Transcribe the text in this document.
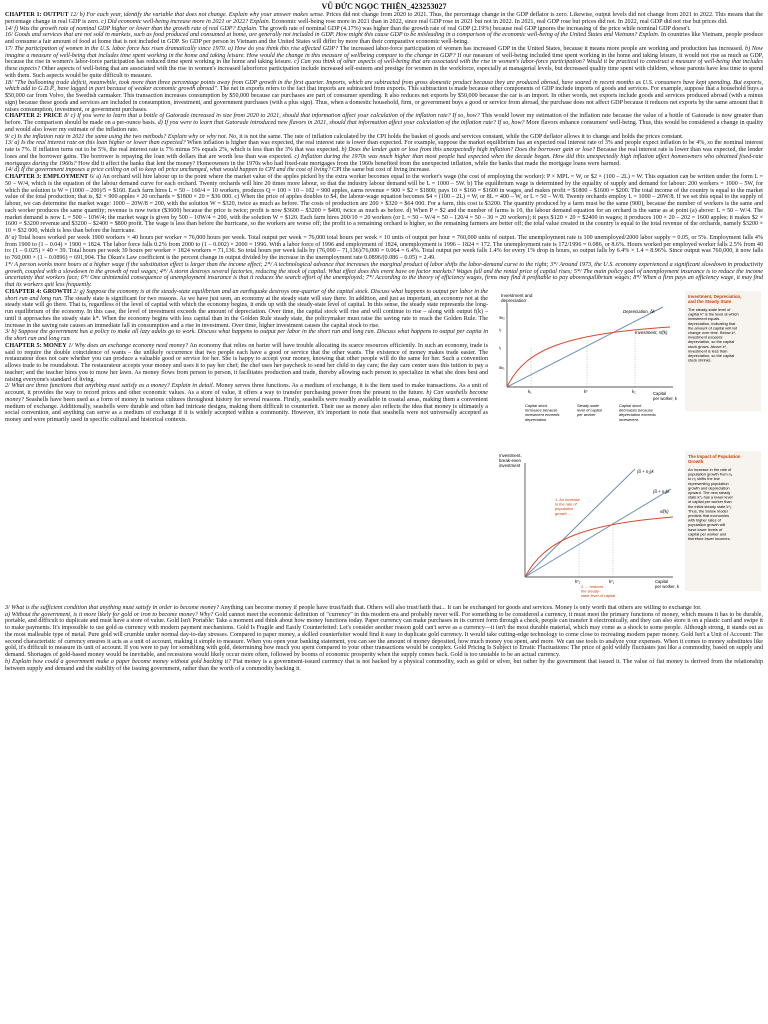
VŨ ĐỨC NGỌC THIỆN_423253027

CHAPTER 1: OUTPUT 12/ b) For each year, identify the variable that does not change. Explain why your answer makes sense. Prices did not change from 2020 to 2021. Thus, the percentage change in the GDP deflator is zero. Likewise, output levels did not change from 2021 to 2022. This means that the percentage change in real GDP is zero. c) Did economic well-being increase more in 2021 or 2022? Explain. Economic well-being rose more in 2021 than in 2022, since real GDP rose in 2021 but not in 2022. In 2021, real GDP rose but prices did not. In 2022, real GDP did not rise but prices did.

14/ f) Was the growth rate of nominal GDP higher or lower than the growth rate of real GDP? Explain. The growth rate of nominal GDP (4.17%) was higher than the growth rate of real GDP (2.19%) because real GDP ignores the increasing of the price while nominal GDP doesn't.

16/ Goods and services that are not sold in markets, such as food produced and consumed at home, are generally not included in GDP. How might this cause GDP to be misleading in a comparison of the economic well-being of the United States and Vietnam? Explain. In countries like Vietnam, people produce and consume a fair amount of food at home that is not included in GDP. So GDP per person in Vietnam and the United States will differ by more than their comparative economic well-being.

17/ The participation of women in the U.S. labor force has risen dramatically since 1970. a) How do you think this rise affected GDP? The increased labor-force participation of women has increased GDP in the United States, because it means more people are working and production has increased. b) Now imagine a measure of well-being that includes time spent working in the home and taking leisure. How would the change in this measure of wellbeing compare to the change in GDP? If our measure of well-being included time spent working in the home and taking leisure, it would not rise as much as GDP, because the rise in women's labor-force participation has reduced time spent working in the home and taking leisure. c) Can you think of other aspects of well-being that are associated with the rise in women's labor-force participation? Would it be practical to construct a measure of well-being that includes these aspects? Other aspects of well-being that are associated with the rise in women's increased laborforce participation include increased self-esteem and prestige for women in the workforce, especially at managerial levels, but decreased quality time spent with children, whose parents have less time to spend with them. Such aspects would be quite difficult to measure.

18/ "The ballooning trade deficit, meanwhile, took more than three percentage points away from GDP growth in the first quarter. Imports, which are subtracted from gross domestic product because they are produced abroad, have soared in recent months as U.S. consumers have kept spending. But exports, which add to G.D.P., have lagged in part because of weaker economic growth abroad". The net in exports refers to the fact that imports are subtracted from exports. This subtraction is made because other components of GDP include imports of goods and services. For example, suppose that a household buys a $50,000 car from Volvo, the Swedish carmaker. This transaction increases consumption by $50,000 because car purchases are part of consumer spending. It also reduces net exports by $50,000 because the car is an import. In other words, net exports include goods and services produced abroad (with a minus sign) because these goods and services are included in consumption, investment, and government purchases (with a plus sign). Thus, when a domestic household, firm, or government buys a good or service from abroad, the purchase does not affect GDP because it reduces net exports by the same amount that it raises consumption, investment, or government purchases.

CHAPTER 2: PRICE 8/ c) If you were to learn that a bottle of Gatorade increased in size from 2020 to 2021, should that information affect your calculation of the inflation rate? If so, how? This would lower my estimation of the inflation rate because the value of a bottle of Gatorade is now greater than before. The comparison should be made on a per-ounce basis. d) If you were to learn that Gatorade introduced new flavors in 2021, should that information affect your calculation of the inflation rate? If so, how? More flavors enhance consumers' well-being. Thus, this would be considered a change in quality and would also lower my estimate of the inflation rate.

9/ c) Is the inflation rate in 2021 the same using the two methods? Explain why or why not. No, it is not the same. The rate of inflation calculated by the CPI holds the basket of goods and services constant, while the GDP deflator allows it to change and holds the prices constant.

13/ a) Is the real interest rate on this loan higher or lower than expected? When inflation is higher than was expected, the real interest rate is lower than expected. For example, suppose the market equilibrium has an expected real interest rate of 3% and people expect inflation to be 4%, so the nominal interest rate is 7%. If inflation turns out to be 5%, the real interest rate is 7% minus 5% equals 2%, which is less than the 3% that was expected. b) Does the lender gain or lose from this unexpectedly high inflation? Does the borrower gain or lose? Because the real interest rate is lower than was expected, the lender loses and the borrower gains. The borrower is repaying the loan with dollars that are worth less than was expected. c) Inflation during the 1970s was much higher than most people had expected when the decade began. How did this unexpectedly high inflation affect homeowners who obtained fixed-rate mortgages during the 1960s? How did it affect the banks that lent the money? Homeowners in the 1970s who had fixed-rate mortgages from the 1960s benefited from the unexpected inflation, while the banks that made the mortgage loans were harmed.

14/ d) If the government imposes a price ceiling on oil to keep oil price unchanged, what would happen to CPI and the cost of living? CPI the same but cost of living increase.

CHAPTER 3: EMPLOYMENT 6/ a) An orchard will hire labour up to the point where the market value of the apples picked by the extra worker becomes equal to the worker's wage (the cost of employing the worker): P × MPL = W, or $2 × (100 – 2L) = W. This equation can be written under the form L = 50 – W/4, which is the equation of the labour demand curve for each orchard. Twenty orchards will hire 20 times more labour, so that the industry labour demand will be L = 1000 – 5W. b) The equilibrium wage is determined by the equality of supply and demand for labour: 200 workers = 1000 – 5W, for which the solution is W = (1000 – 200)/5 = $160. Each farm hires L = 50 – 160/4 = 10 workers, produces Q = 100 × 10 – 102 = 900 apples, earns revenue = 900 × $2 = $1800; pays 10 × $160 = $1600 in wages, and makes profit = $1800 – $1600 = $200. The total income of the country is equal to the market value of the total production; that is, $2 × 900 apples × 20 orchards = $1800 × 20 = $36 000. c) When the price of apples doubles to $4, the labour-wage equation becomes $4 × (100 – 2L) = W, or 8L = 400 – W, or L = 50 – W/8. Twenty orchards employ L = 1000 – 20W/8. If we set this equal to the supply of labour, we can determine the market wage: 1000 – 20W/8 = 200, with the solution W = $320, twice as much as before. The costs of production are 200 × $320 = $64 000. For a farm, this cost is $3200. The quantity produced by a farm must be the same (900), because the number of workers is the same and each worker produces the same quantity; revenue is now twice ($3600) because the price is twice; profit is now $3600 – $3200 = $400, twice as much as before. d) When P = $2 and the number of farms is 10, the labour demand equation for an orchard is the same as at point (a) above: L = 50 – W/4. The market demand is now L = 500 – 10W/4; the market wage is given by 500 – 10W/4 = 200, with the solution W = $120. Each farm hires 200/10 = 20 workers (or L = 50 – W/4 = 50 – 120/4 = 50 – 30 = 20 workers); it pays $120 × 20 = $2400 in wages; it produces 100 × 20 – 202 = 1600 apples; it makes $2 × 1600 = $3200 revenue and $3200 – $2400 = $800 profit. The wage is less than before the hurricane, so the workers are worse off; the profit to a remaining orchard is higher, so the remaining farmers are better off; the total value created in the country is equal to the total revenue of the orchards, namely $3200 × 10 = $32 000, which is less than before the hurricane.

8/ a) Total hours worked per week 1900 workers × 40 hours per worker = 76,000 hours per week. Total output per week = 76,000 total hours per week × 10 units of output per hour = 760,000 units of output. The unemployment rate is 100 unemployed/2000 labor supply = 0.05, or 5%. Employment falls 4% from 1900 to (1 – 0.04) × 1900 = 1824. The labor force falls 0.2% from 2000 to (1 – 0.002) × 2000 = 1996. With a labor force of 1996 and employment of 1824, unemployment is 1996 – 1824 = 172. The unemployment rate is 172/1996 = 0.086, or 8.6%. Hours worked per employed worker falls 2.5% from 40 to: (1 – 0.025) × 40 = 39. Total hours per week 39 hours per worker × 1824 workers = 71,136. So total hours per week falls by (76,000 – 71,136)/76,000 = 0.064 = 6.4%. Total output per week falls 1.4% for every 1% drop in hours, so output falls by 6.4% × 1.4 = 8.96%. Since output was 760,000, it now falls to 760,000 × (1 – 0.0896) = 691,904. The Okun's Law coefficient is the percent change in output divided by the increase in the unemployment rate 0.0896/(0.086 – 0.05) = 2.49.

1*/ A person works more hours at a higher wage if the substitution effect is larger than the income effect; 2*/ A technological advance that increases the marginal product of labor shifts the labor-demand curve to the right; 3*/ Around 1973, the U.S. economy experienced a significant slowdown in productivity growth, coupled with a slowdown in the growth of real wages; 4*/ A storm destroys several factories, reducing the stock of capital. What effect does this event have on factor markets? Wages fall and the rental price of capital rises; 5*/ The main policy goal of unemployment insurance is to reduce the income uncertainty that workers face; 6*/ One unintended consequence of unemployment insurance is that it reduces the search effort of the unemployed; 7*/ According to the theory of efficiency wages, firms may find it profitable to pay aboveequilibrium wages; 8*/ When a firm pays an efficiency wage, it may find that its workers quit less frequently.

Investment and depreciation
Depreciation, δk
Investment, sf(k)
i₁
δk₁
δk₂
i₂
k₁	k*	k₂	Capital per worker, k
Capital stock increases because investment exceeds depreciation.
Steady-state level of capital per worker
Capital stock decreases because depreciation exceeds investment.
Investment, Depreciation, and the Steady State
The steady-state level of capital k* is the level at which investment equals depreciation, indicating that the amount of capital will not change over time. Below k*, investment exceeds depreciation, so the capital stock grows. Above k*, investment is less than depreciation, so the capital stock shrinks.
Investment, break-even investment
(δ + n₂)k
(δ + n₁)k
sf(k)
1. An increase in the rate of population growth ...
k*₂	k*₁	Capital per worker, k
2. ... reduces the steady-state level of capital.
The Impact of Population Growth
An increase in the rate of population growth from n₁ to n₂ shifts the line representing population growth and depreciation upward. The new steady state k*₂ has a lower level of capital per worker than the initial steady state k*₁. Thus, the Solow model predicts that economies with higher rates of population growth will have lower levels of capital per worker and therefore lower incomes.

CHAPTER 4: GROWTH 2/ g) Suppose the economy is at the steady-state equilibrium and an earthquake destroys one-quarter of the capital stock. Discuss what happens to output per labor in the short run and long run. The steady state is significant for two reasons. As we have just seen, an economy at the steady state will stay there. In addition, and just as important, an economy not at the steady state will go there. That is, regardless of the level of capital with which the economy begins, it ends up with the steady-state level of capital. In this sense, the steady state represents the long-run equilibrium of the economy. In this case, the level of investment exceeds the amount of depreciation. Over time, the capital stock will rise and will continue to rise – along with output f(k) – until it approaches the steady state k*. When the economy begins with less capital than in the Golden Rule steady state, the policymaker must raise the saving rate to reach the Golden Rule. The increase in the saving rate causes an immediate fall in consumption and a rise in investment. Over time, higher investment causes the capital stock to rise.

3/ b) Suppose the government has a policy to make all lazy adults go to work. Discuss what happens to output per labor in the short run and long run. Discuss what happens to output per capita in the short run and long run.

CHAPTER 5: MONEY 1/ Why does an exchange economy need money? An economy that relies on barter will have trouble allocating its scarce resources efficiently. In such an economy, trade is said to require the double coincidence of wants – the unlikely occurrence that two people each have a good or service that the other wants. The existence of money makes trade easier. The restaurateur does not care whether you can produce a valuable good or service for her. She is happy to accept your money, knowing that other people will do the same for her. Such a convention allows trade to be roundabout. The restaurateur accepts your money and uses it to pay her chef; the chef uses her paycheck to send her child to day care; the day care center uses this tuition to pay a teacher; and the teacher hires you to mow her lawn. As money flows from person to person, it facilitates production and trade, thereby allowing each person to specialize in what she does best and raising everyone's standard of living.

2/ What are three functions that anything must satisfy as a money? Explain in detail. Money serves three functions. As a medium of exchange, it is the item used to make transactions. As a unit of account, it provides the way to record prices and other economic values. As a store of value, it offers a way to transfer purchasing power from the present to the future. b) Can seashells become money? Seashells have been used as a form of money in various cultures throughout history for several reasons. Firstly, seashells were readily available in coastal areas, making them a convenient medium of exchange. Additionally, seashells were durable and often had intricate designs, making them difficult to counterfeit. Their use as money also reflects the idea that money is ultimately a social convention, and anything can serve as a medium of exchange if it is widely accepted within a community. However, it's important to note that seashells were not universally accepted as money and were primarily used in specific cultural and historical contexts.

3/ What is the sufficient condition that anything must satisfy in order to become money? Anything can become money if people have trust/faith that. Others will also trust/faith that... It can be exchanged for goods and services. Money is only worth that others are willing to exchange for.

a) Without the government, is it more likely for gold or iron to become money? Why? Gold cannot meet the economic definition of "currency" in this modern era and probably never will. For something to be considered a currency, it must meet the primary functions of money, which means it has to be durable, portable, and difficult to duplicate and must have a store of value. Gold Isn't Portable: Take a moment and think about how money functions today. Paper currency can make purchases in its current form through a check, people can transfer it electronically, and they can also store it on a plastic card and swipe it to make payments. It's impossible to use gold as currency with modern payment mechanisms. Gold Is Fragile and Easily Counterfeited: Let's consider another reason gold can't serve as a currency—it isn't the most durable material, which may come as a shock to some people. Although strong, it stands out as the most malleable type of metal. Pure gold will crumble under normal day-to-day stresses. Compared to paper money, a skilled counterfeiter would find it easy to duplicate gold currency. It would take cutting-edge technology to come close to recreating modern paper money. Gold Isn't a Unit of Account: The second characteristic of currency ensures it acts as a unit of account, making it simple to measure. When you open your banking statement, you can see the amount of money deposited, how much money you spent, and more. We can use tools to analyze your expenses. When it comes to money substitutes like gold, it's difficult to measure its unit of account. If you were to pay for something with gold, determining how much you spent compared to your other transactions would be complex. Gold Pricing Is Subject to Erratic Fluctuations: The price of gold wildly fluctuates just like a commodity, based on supply and demand. Shortages of gold-based money would be inevitable, and recessions would likely occur more often, followed by booms of economic prosperity when the supply comes back. Gold is too unstable to be an actual currency.

b) Explain how could a government make a paper become money without gold backing it? Fiat money is a government-issued currency that is not backed by a physical commodity, such as gold or silver, but rather by the government that issued it. The value of fiat money is derived from the relationship between supply and demand and the stability of the issuing government, rather than the worth of a commodity backing it.
